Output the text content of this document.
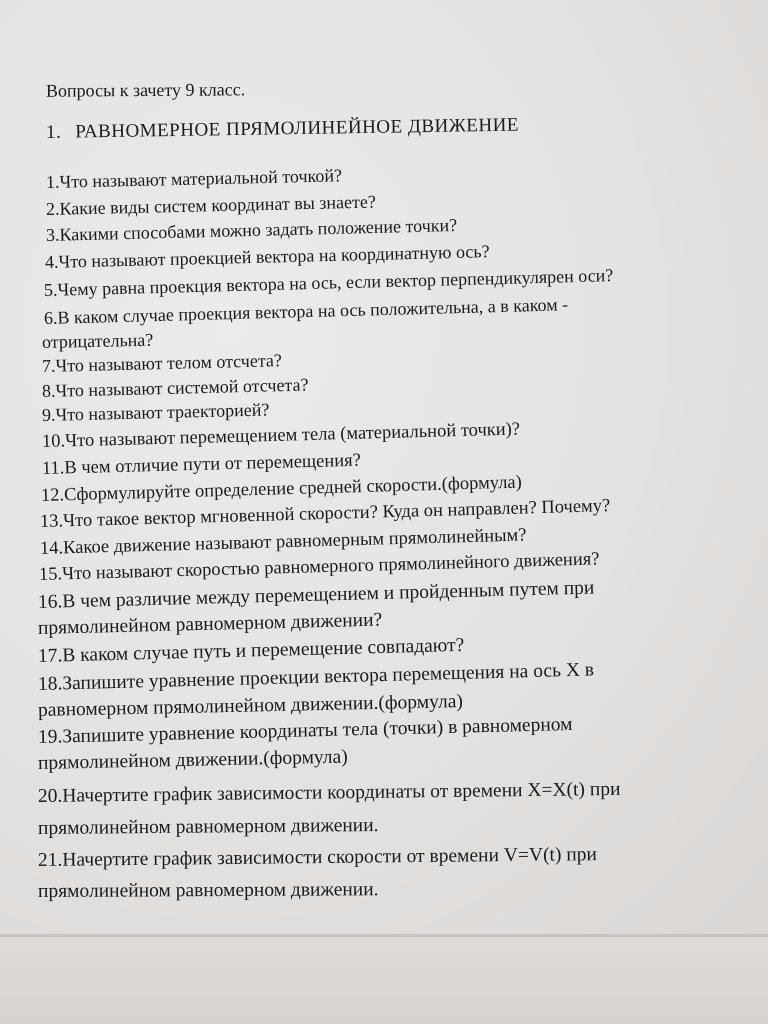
Вопросы к зачету 9 класс.
1. РАВНОМЕРНОЕ ПРЯМОЛИНЕЙНОЕ ДВИЖЕНИЕ
1.Что называют материальной точкой?
2.Какие виды систем координат вы знаете?
3.Какими способами можно задать положение точки?
4.Что называют проекцией вектора на координатную ось?
5.Чему равна проекция вектора на ось, если вектор перпендикулярен оси?
6.В каком случае проекция вектора на ось положительна, а в каком -
отрицательна?
7.Что называют телом отсчета?
8.Что называют системой отсчета?
9.Что называют траекторией?
10.Что называют перемещением тела (материальной точки)?
11.В чем отличие пути от перемещения?
12.Сформулируйте определение средней скорости.(формула)
13.Что такое вектор мгновенной скорости? Куда он направлен? Почему?
14.Какое движение называют равномерным прямолинейным?
15.Что называют скоростью равномерного прямолинейного движения?
16.В чем различие между перемещением и пройденным путем при
прямолинейном равномерном движении?
17.В каком случае путь и перемещение совпадают?
18.Запишите уравнение проекции вектора перемещения на ось X в
равномерном прямолинейном движении.(формула)
19.Запишите уравнение координаты тела (точки) в равномерном
прямолинейном движении.(формула)
20.Начертите график зависимости координаты от времени X=X(t) при
прямолинейном равномерном движении.
21.Начертите график зависимости скорости от времени V=V(t) при
прямолинейном равномерном движении.
